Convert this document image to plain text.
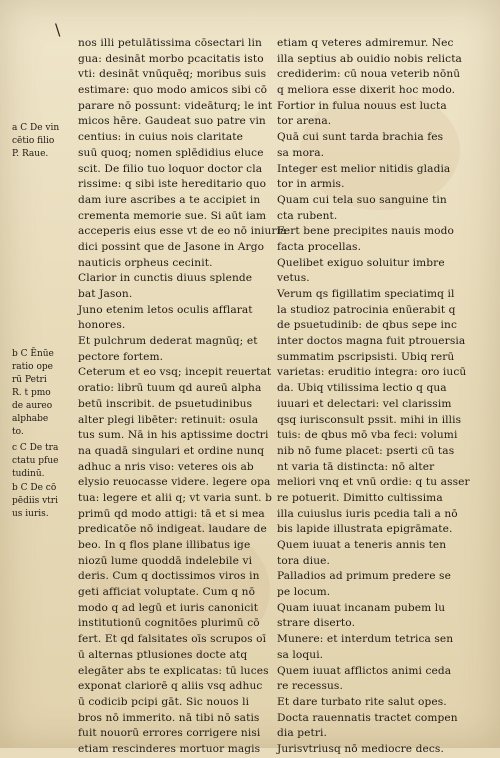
\
nos illi petulātissima cōsectari lin
gua: desināt morbo pcacitatis isto
vti: desināt vnūquēq; moribus suis
estimare: quo modo amicos sibi cō
parare nō possunt: videāturq; le int
micos hēre. Gaudeat suo patre vin
centius: in cuius nois claritate
suū quoq; nomen splēdidius eluce
scit. De filio tuo loquor doctor cla
rissime: q sibi iste hereditario quo
dam iure ascribes a te accipiet in
crementa memorie sue. Si aūt iam
acceperis eius esse vt de eo nō iniuria
dici possint que de Jasone in Argo
nauticis orpheus cecinit.
Clarior in cunctis diuus splende
bat Jason.
Juno etenim letos oculis afflarat
honores.
Et pulchrum dederat magnūq; et
pectore fortem.
Ceterum et eo vsq; incepit reuertat
oratio: librū tuum qd aureū alpha
betū inscribit. de psuetudinibus
alter plegi libēter: retinuit: osula
tus sum. Nā in his aptissime doctri
na quadā singulari et ordine nunq
adhuc a nris viso: veteres ois ab
elysio reuocasse videre. legere opa
tua: legere et alii q; vt varia sunt. b
primū qd modo attigi: tā et si mea
predicatōe nō indigeat. laudare de
beo. In q flos plane illibatus ige
niozū lume quoddā indelebile vi
deris. Cum q doctissimos viros in
geti afficiat voluptate. Cum q nō
modo q ad legū et iuris canonicit
institutionū cognitōes plurimū cō
fert. Et qd falsitates oīs scrupos oī
ū alternas ptlusiones docte atq
elegāter abs te explicatas: tū luces
exponat clariorē q aliis vsq adhuc
ū codicib pcipi gāt. Sic nouos li
bros nō immerito. nā tibi nō satis
fuit nouorū errores corrigere nisi
etiam rescinderes mortuor magis
etiam q veteres admiremur. Nec
illa septius ab ouidio nobis relicta
crediderim: cū noua veterib nōnū
q meliora esse dixerit hoc modo.
Fortior in fulua nouus est lucta
tor arena.
Quā cui sunt tarda brachia fes
sa mora.
Integer est melior nitidis gladia
tor in armis.
Quam cui tela suo sanguine tin
cta rubent.
Fert bene precipites nauis modo
facta procellas.
Quelibet exiguo soluitur imbre
vetus.
Verum qs figillatim speciatimq il
la studioz patrocinia enūerabit q
de psuetudinib: de qbus sepe inc
inter doctos magna fuit ptrouersia
summatim pscripsisti. Ubiq rerū
varietas: eruditio integra: oro iucū
da. Ubiq vtilissima lectio q qua
iuuari et delectari: vel clarissim
qsq iurisconsult pssit. mihi in illis
tuis: de qbus mō vba feci: volumi
nib nō fume placet: pserti cū tas
nt varia tā distincta: nō alter
meliori vnq et vnū ordie: q tu asser
re potuerit. Dimitto cultissima
illa cuiuslus iuris pcedia tali a nō
bis lapide illustrata epigrāmate.
Quem iuuat a teneris annis ten
tora diue.
Palladios ad primum predere se
pe locum.
Quam iuuat incanam pubem lu
strare diserto.
Munere: et interdum tetrica sen
sa loqui.
Quem iuuat afflictos animi ceda
re recessus.
Et dare turbato rite salut opes.
Docta rauennatis tractet compen
dia petri.
Jurisvtriusq nō mediocre decs.
a C De vin
cētio filio
P. Raue.
b C Ēnūe
ratio ope
rū Petri
R. t pmo
de aureo
alphabe
to.
c C De tra
ctatu pfue
tudinū.
b C De cō
pēdiis vtri
us iuris.
